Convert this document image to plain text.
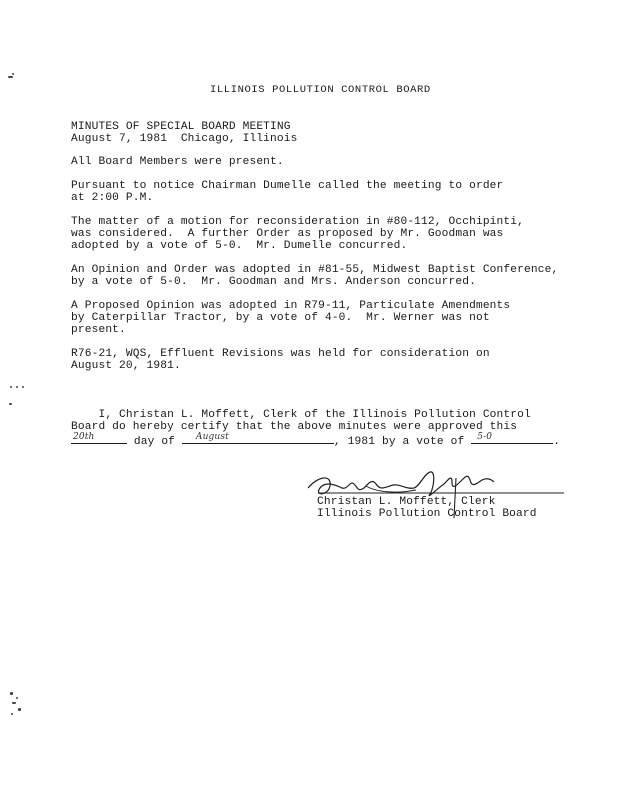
ILLINOIS POLLUTION CONTROL BOARD
MINUTES OF SPECIAL BOARD MEETING
August 7, 1981  Chicago, Illinois
All Board Members were present.
Pursuant to notice Chairman Dumelle called the meeting to order
at 2:00 P.M.
The matter of a motion for reconsideration in #80-112, Occhipinti,
was considered.  A further Order as proposed by Mr. Goodman was
adopted by a vote of 5-0.  Mr. Dumelle concurred.
An Opinion and Order was adopted in #81-55, Midwest Baptist Conference,
by a vote of 5-0.  Mr. Goodman and Mrs. Anderson concurred.
A Proposed Opinion was adopted in R79-11, Particulate Amendments
by Caterpillar Tractor, by a vote of 4-0.  Mr. Werner was not
present.
R76-21, WQS, Effluent Revisions was held for consideration on
August 20, 1981.
I, Christan L. Moffett, Clerk of the Illinois Pollution Control
Board do hereby certify that the above minutes were approved this
20th	day of August	, 1981 by a vote of 5-0	.
Christan L. Moffett, Clerk
Illinois Pollution Control Board
